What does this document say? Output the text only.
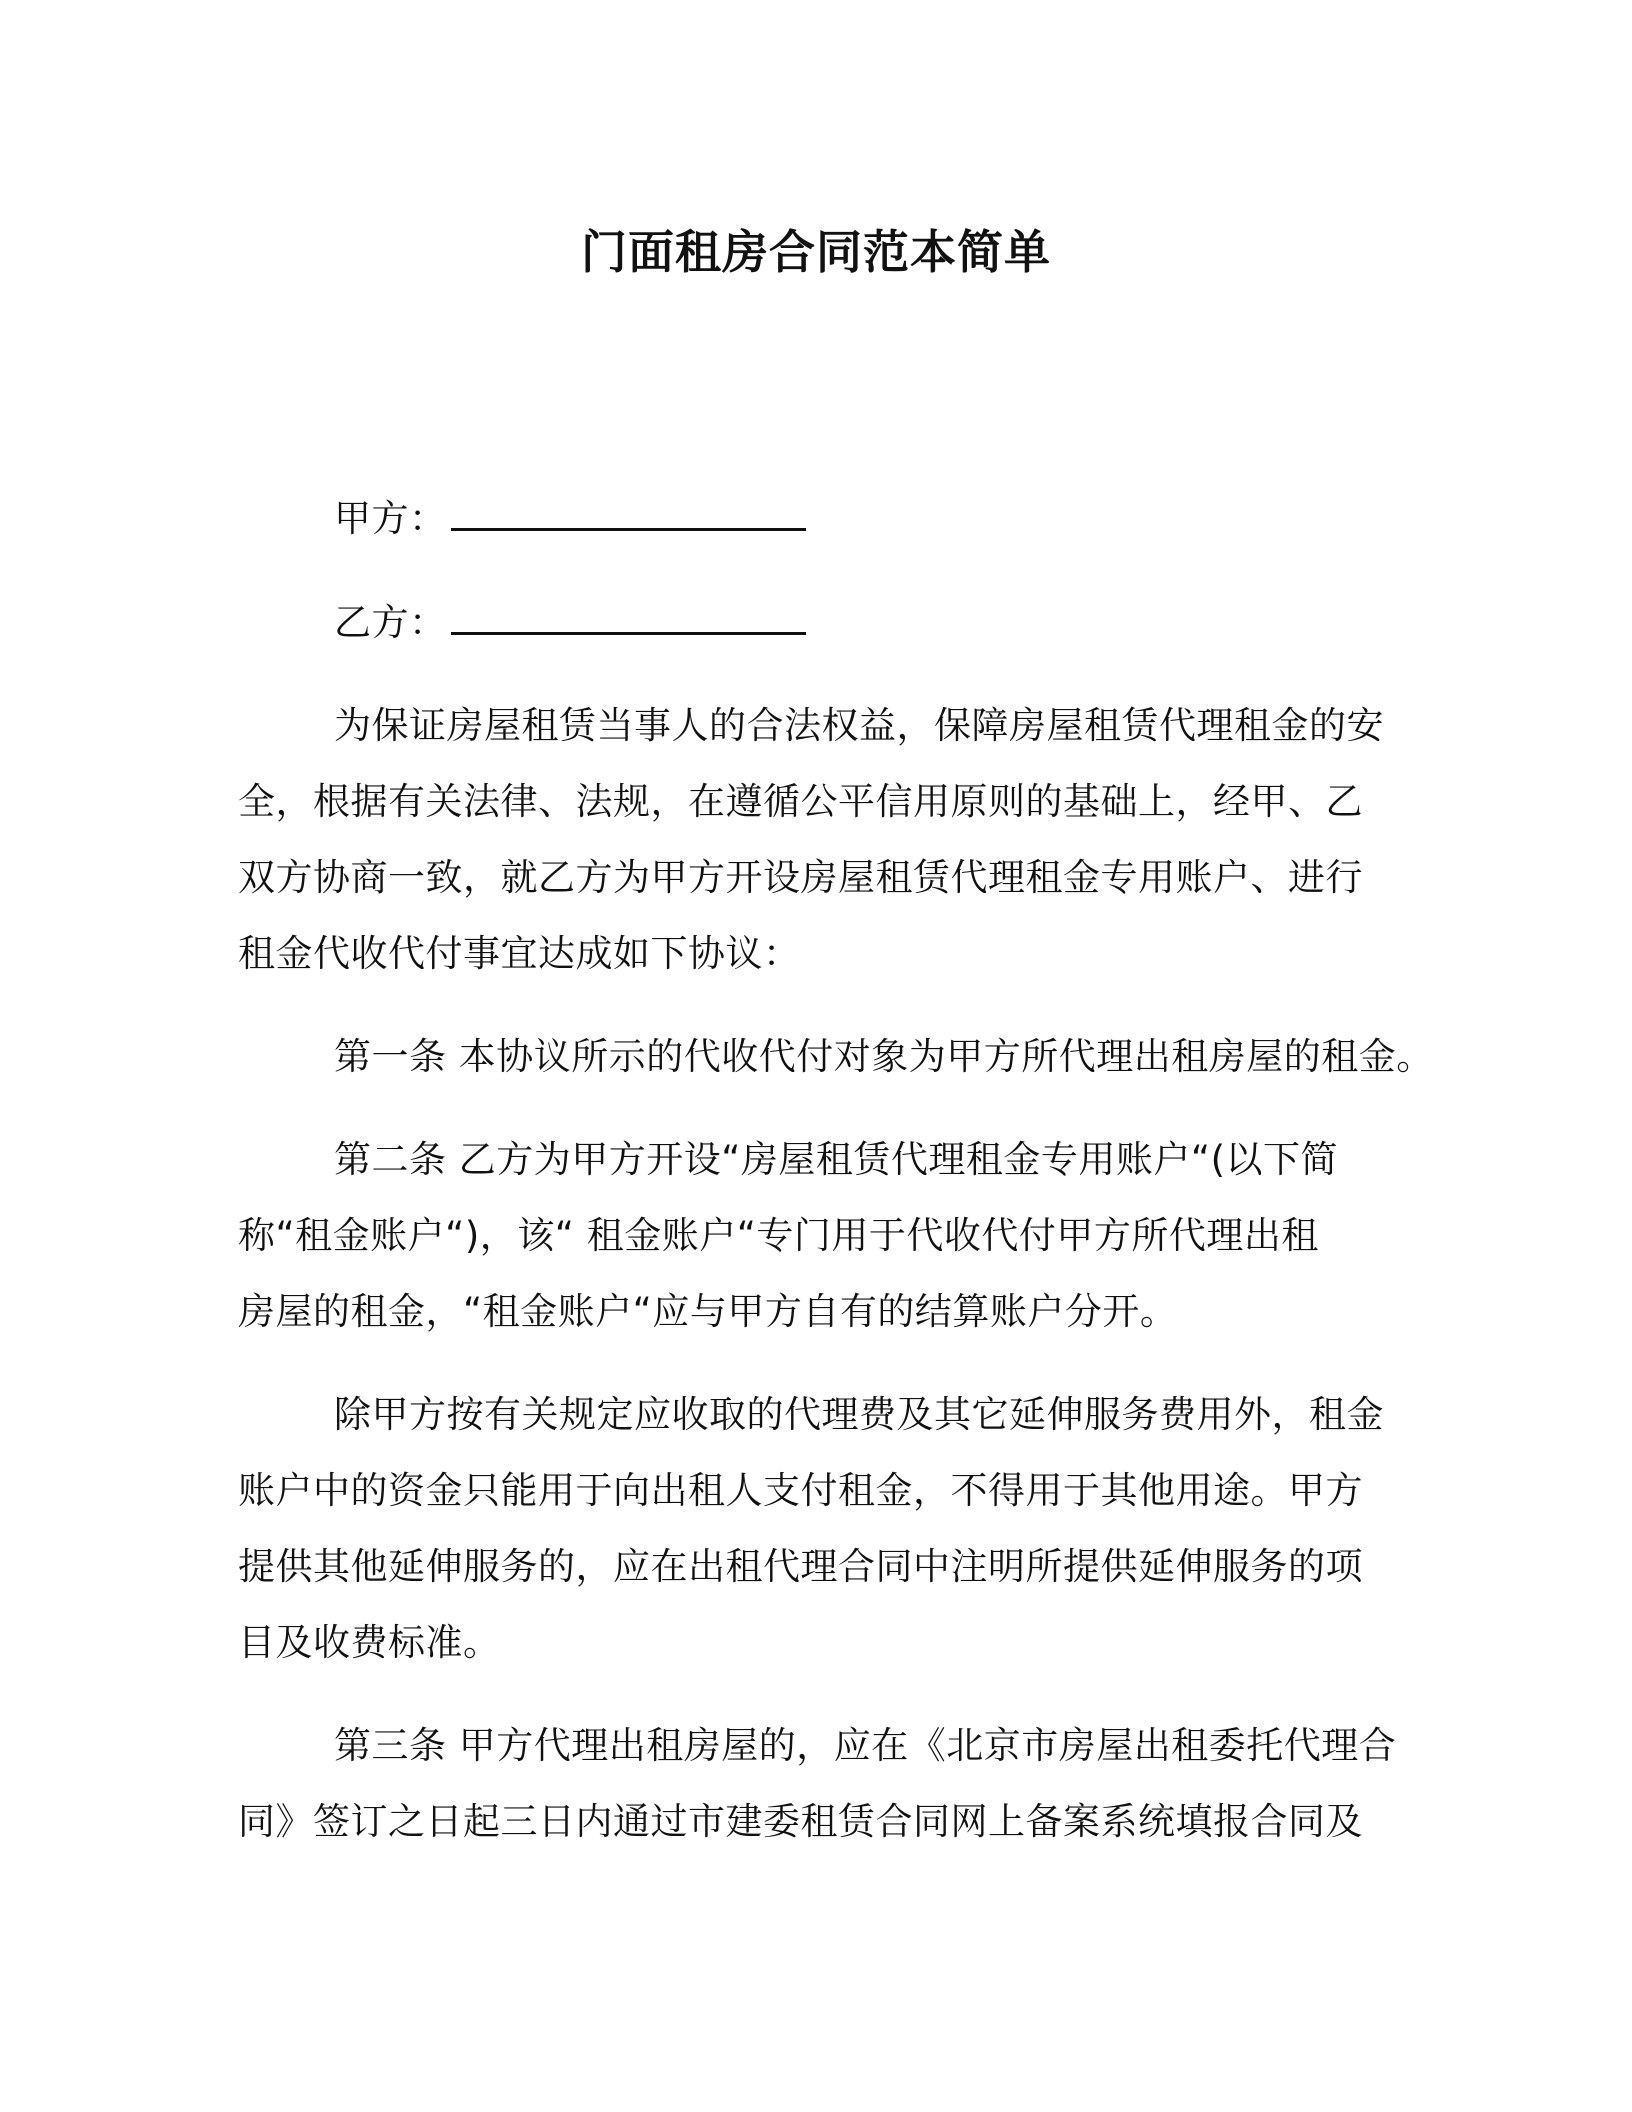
门面租房合同范本简单
甲方：
乙方：
为保证房屋租赁当事人的合法权益，保障房屋租赁代理租金的安
全，根据有关法律、法规，在遵循公平信用原则的基础上，经甲、乙
双方协商一致，就乙方为甲方开设房屋租赁代理租金专用账户、进行
租金代收代付事宜达成如下协议：
第一条 本协议所示的代收代付对象为甲方所代理出租房屋的租金。
第二条 乙方为甲方开设“房屋租赁代理租金专用账户“(以下简
称“租金账户“)，该“ 租金账户“专门用于代收代付甲方所代理出租
房屋的租金，“租金账户“应与甲方自有的结算账户分开。
除甲方按有关规定应收取的代理费及其它延伸服务费用外，租金
账户中的资金只能用于向出租人支付租金，不得用于其他用途。甲方
提供其他延伸服务的，应在出租代理合同中注明所提供延伸服务的项
目及收费标准。
第三条 甲方代理出租房屋的，应在《北京市房屋出租委托代理合
同》签订之日起三日内通过市建委租赁合同网上备案系统填报合同及
